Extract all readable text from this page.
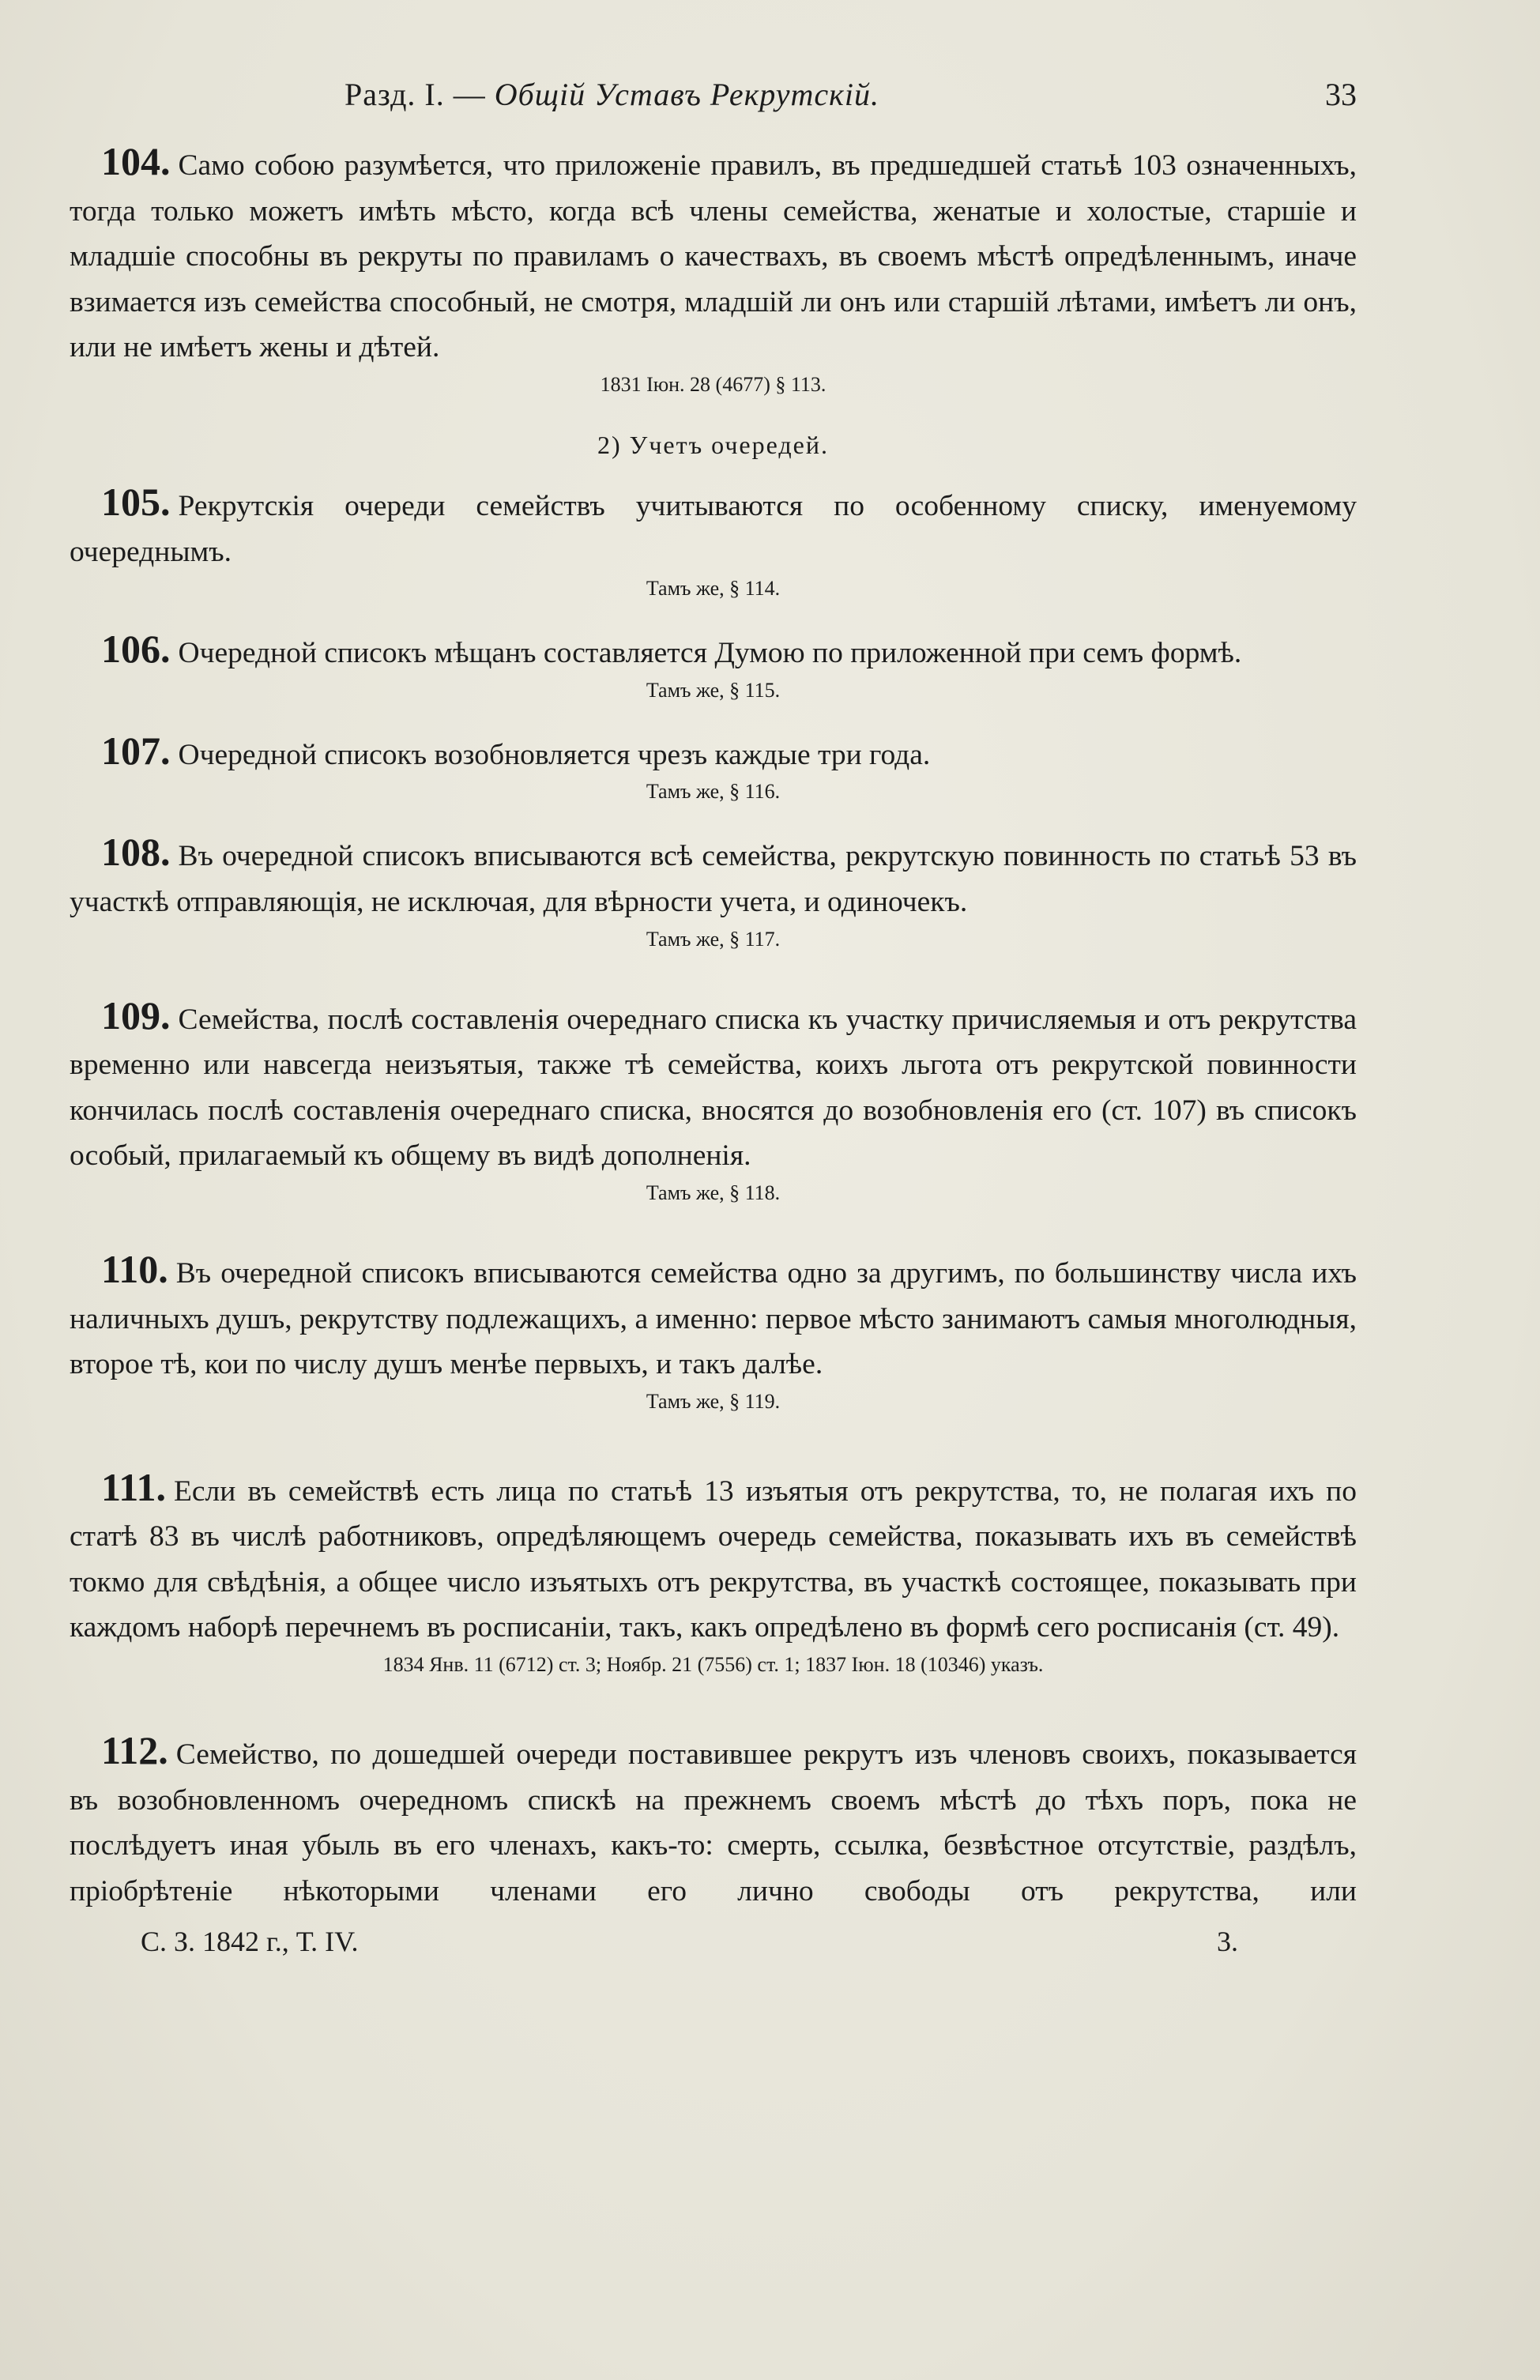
Разд. I. — Общій Уставъ Рекрутскій.	33

104. Само собою разумѣется, что приложеніе правилъ, въ предшедшей статьѣ 103 означенныхъ, тогда только можетъ имѣть мѣсто, когда всѣ члены семейства, женатые и холостые, старшіе и младшіе способны въ рекруты по правиламъ о качествахъ, въ своемъ мѣстѣ опредѣленнымъ, иначе взимается изъ семейства способный, не смотря, младшій ли онъ или старшій лѣтами, имѣетъ ли онъ, или не имѣетъ жены и дѣтей.

1831 Іюн. 28 (4677) § 113.

2) Учетъ очередей.

105. Рекрутскія очереди семействъ учитываются по особенному списку, именуемому очереднымъ.

Тамъ же, § 114.

106. Очередной списокъ мѣщанъ составляется Думою по приложенной при семъ формѣ.

Тамъ же, § 115.

107. Очередной списокъ возобновляется чрезъ каждые три года.

Тамъ же, § 116.

108. Въ очередной списокъ вписываются всѣ семейства, рекрутскую повинность по статьѣ 53 въ участкѣ отправляющія, не исключая, для вѣрности учета, и одиночекъ.

Тамъ же, § 117.

109. Семейства, послѣ составленія очереднаго списка къ участку причисляемыя и отъ рекрутства временно или навсегда неизъятыя, также тѣ семейства, коихъ льгота отъ рекрутской повинности кончилась послѣ составленія очереднаго списка, вносятся до возобновленія его (ст. 107) въ списокъ особый, прилагаемый къ общему въ видѣ дополненія.

Тамъ же, § 118.

110. Въ очередной списокъ вписываются семейства одно за другимъ, по большинству числа ихъ наличныхъ душъ, рекрутству подлежащихъ, а именно: первое мѣсто занимаютъ самыя многолюдныя, второе тѣ, кои по числу душъ менѣе первыхъ, и такъ далѣе.

Тамъ же, § 119.

111. Если въ семействѣ есть лица по статьѣ 13 изъятыя отъ рекрутства, то, не полагая ихъ по статѣ 83 въ числѣ работниковъ, опредѣляющемъ очередь семейства, показывать ихъ въ семействѣ токмо для свѣдѣнія, а общее число изъятыхъ отъ рекрутства, въ участкѣ состоящее, показывать при каждомъ наборѣ перечнемъ въ росписаніи, такъ, какъ опредѣлено въ формѣ сего росписанія (ст. 49).

1834 Янв. 11 (6712) ст. 3; Ноябр. 21 (7556) ст. 1; 1837 Іюн. 18 (10346) указъ.

112. Семейство, по дошедшей очереди поставившее рекрутъ изъ членовъ своихъ, показывается въ возобновленномъ очередномъ спискѣ на прежнемъ своемъ мѣстѣ до тѣхъ поръ, пока не послѣдуетъ иная убыль въ его членахъ, какъ-то: смерть, ссылка, безвѣстное отсутствіе, раздѣлъ, пріобрѣтеніе нѣкоторыми членами его лично свободы отъ рекрутства, или

С. З. 1842 г., Т. IV.	3.
